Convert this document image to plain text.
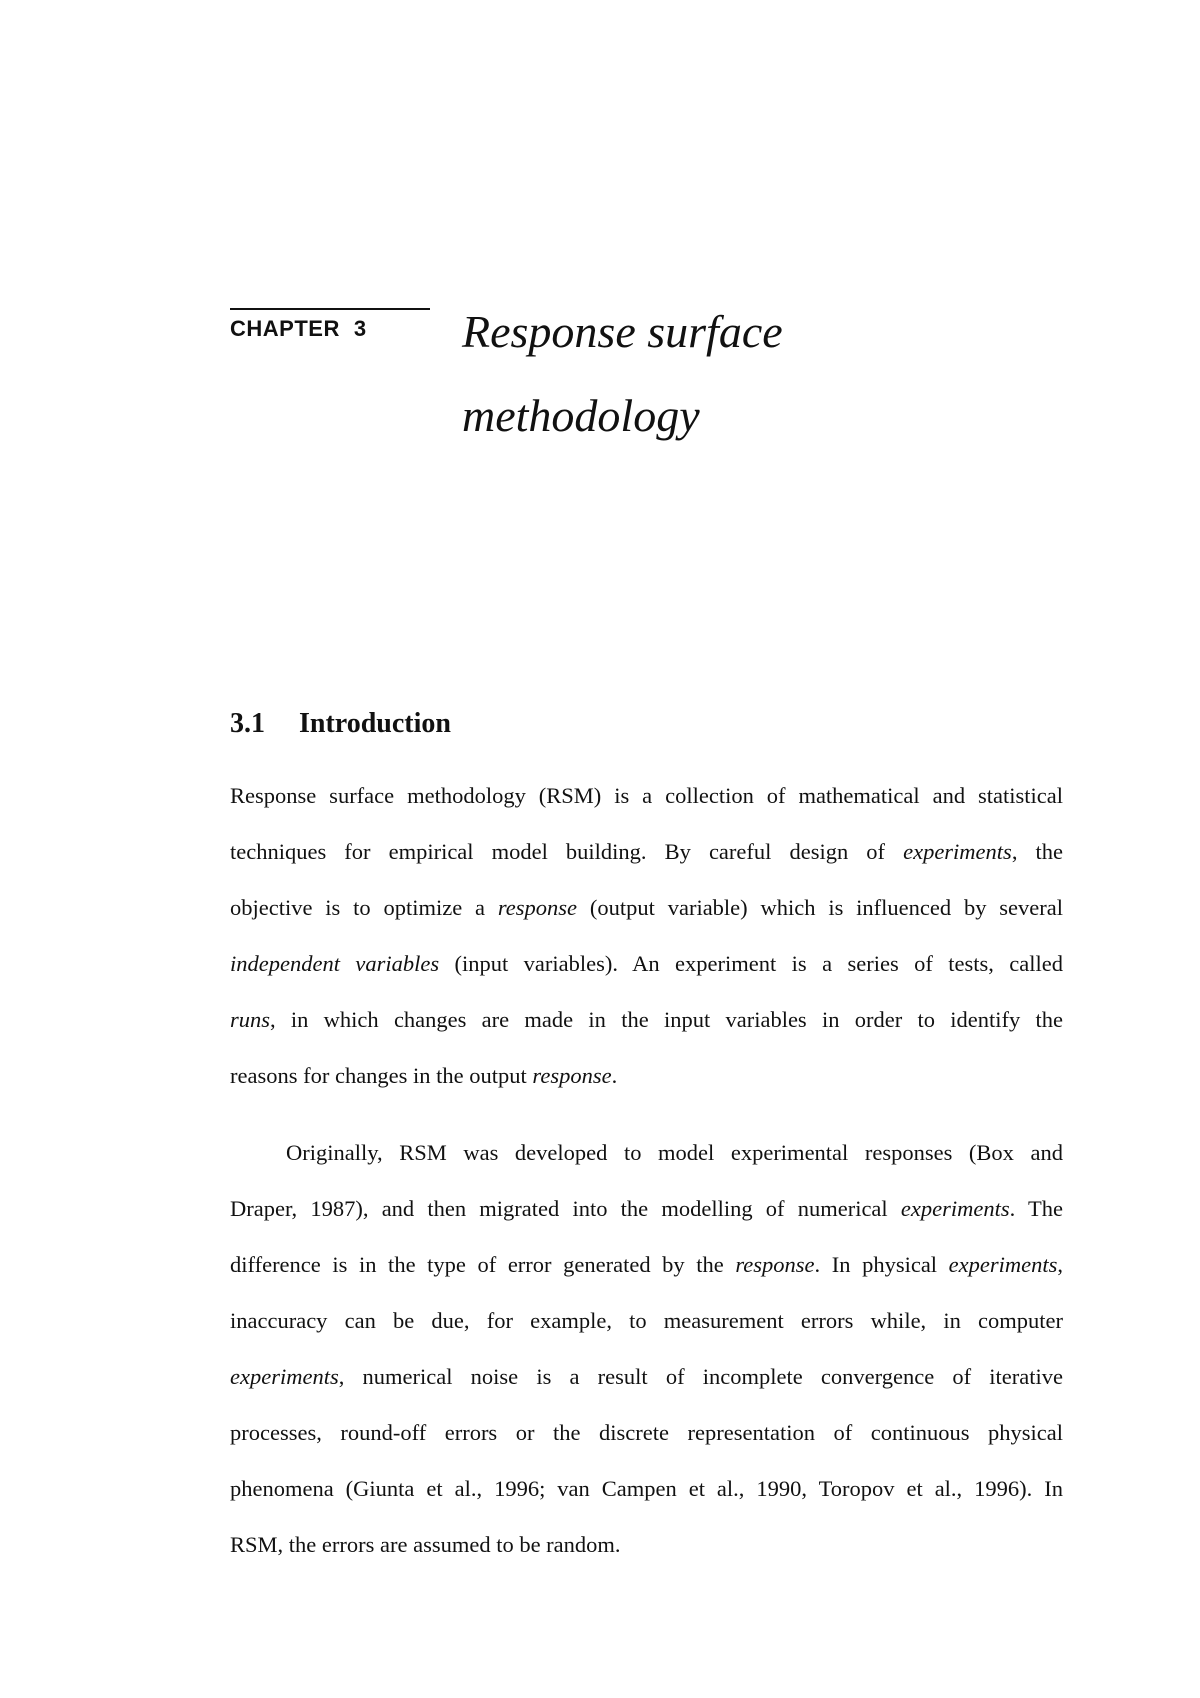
CHAPTER 3	Response surface
methodology
3.1 Introduction
Response surface methodology (RSM) is a collection of mathematical and statistical
techniques for empirical model building. By careful design of experiments, the
objective is to optimize a response (output variable) which is influenced by several
independent variables (input variables). An experiment is a series of tests, called
runs, in which changes are made in the input variables in order to identify the
reasons for changes in the output response.
Originally, RSM was developed to model experimental responses (Box and
Draper, 1987), and then migrated into the modelling of numerical experiments. The
difference is in the type of error generated by the response. In physical experiments,
inaccuracy can be due, for example, to measurement errors while, in computer
experiments, numerical noise is a result of incomplete convergence of iterative
processes, round-off errors or the discrete representation of continuous physical
phenomena (Giunta et al., 1996; van Campen et al., 1990, Toropov et al., 1996). In
RSM, the errors are assumed to be random.
